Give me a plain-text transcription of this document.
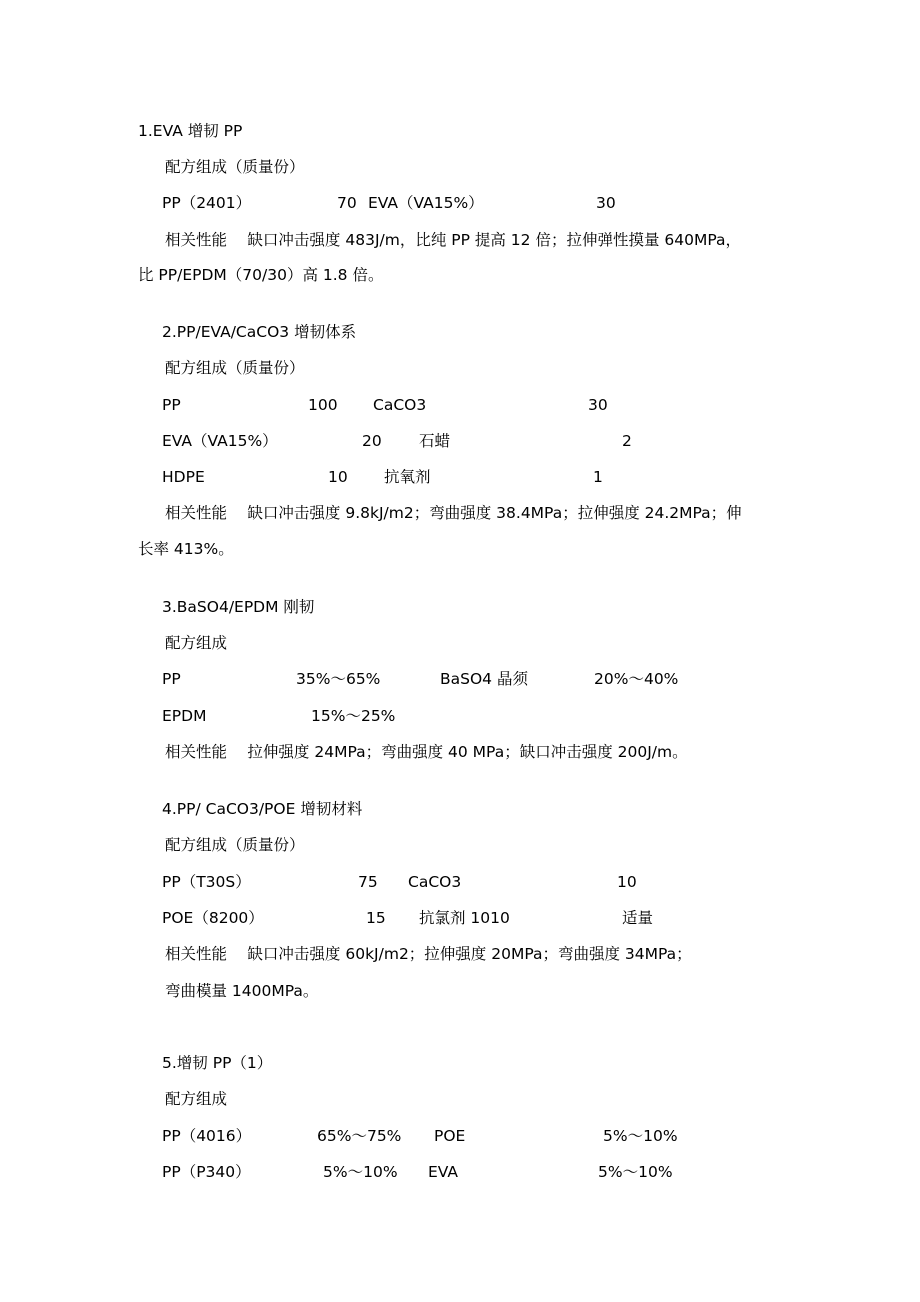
1.EVA 增韧 PP
配方组成（质量份）
PP（2401）	70 EVA（VA15%）	30
相关性能　 缺口冲击强度 483J/m，比纯 PP 提高 12 倍；拉伸弹性摸量 640MPa，
比 PP/EPDM（70/30）高 1.8 倍。
2.PP/EVA/CaCO3 增韧体系
配方组成（质量份）
PP	100 CaCO3	30
EVA（VA15%）	20 石蜡	2
HDPE	10 抗氧剂	1
相关性能　 缺口冲击强度 9.8kJ/m2；弯曲强度 38.4MPa；拉伸强度 24.2MPa；伸
长率 413%。
3.BaSO4/EPDM 刚韧
配方组成
PP	35%～65%	BaSO4 晶须	20%～40%
EPDM	15%～25%
相关性能　 拉伸强度 24MPa；弯曲强度 40 MPa；缺口冲击强度 200J/m。
4.PP/ CaCO3/POE 增韧材料
配方组成（质量份）
PP（T30S）	75 CaCO3	10
POE（8200）	15 抗氯剂 1010	适量
相关性能　 缺口冲击强度 60kJ/m2；拉伸强度 20MPa；弯曲强度 34MPa；
弯曲模量 1400MPa。
5.增韧 PP（1）
配方组成
PP（4016）	65%～75% POE	5%～10%
PP（P340）	5%～10% EVA	5%～10%
